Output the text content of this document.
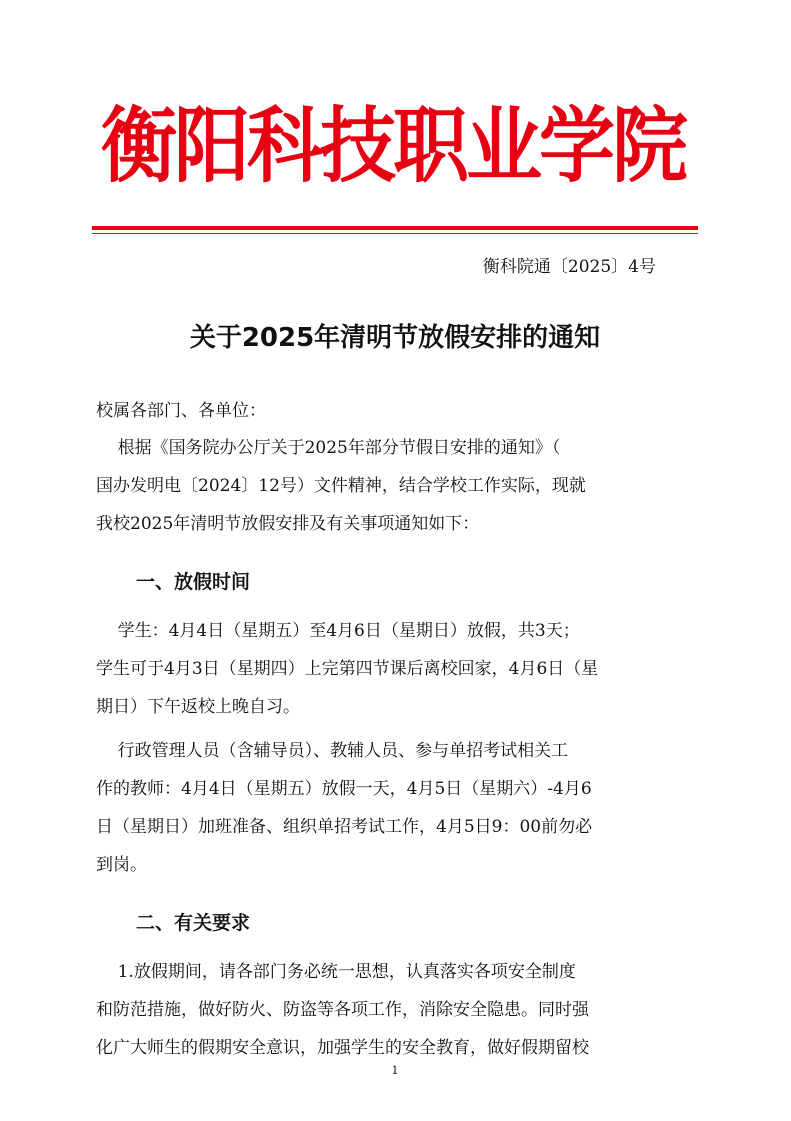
衡阳科技职业学院
衡科院通〔2025〕4号
关于2025年清明节放假安排的通知
校属各部门、各单位：
根据《国务院办公厅关于2025年部分节假日安排的通知》（
国办发明电〔2024〕12号）文件精神，结合学校工作实际，现就
我校2025年清明节放假安排及有关事项通知如下：
一、放假时间
学生：4月4日（星期五）至4月6日（星期日）放假，共3天；
学生可于4月3日（星期四）上完第四节课后离校回家，4月6日（星
期日）下午返校上晚自习。
行政管理人员（含辅导员）、教辅人员、参与单招考试相关工
作的教师：4月4日（星期五）放假一天，4月5日（星期六）-4月6
日（星期日）加班准备、组织单招考试工作，4月5日9：00前勿必
到岗。
二、有关要求
1.放假期间，请各部门务必统一思想，认真落实各项安全制度
和防范措施，做好防火、防盗等各项工作，消除安全隐患。同时强
化广大师生的假期安全意识，加强学生的安全教育，做好假期留校
1
